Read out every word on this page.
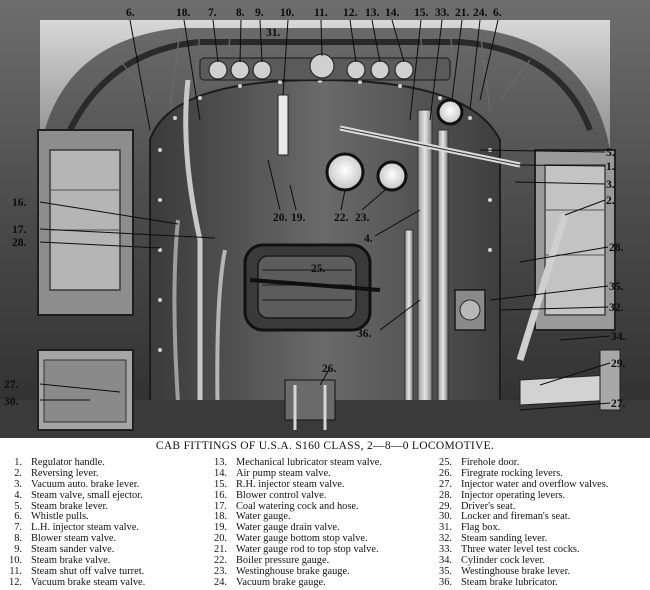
6.	18. 7. 8. 9. 10. 11. 12. 13. 14. 15. 33. 21. 24. 6.
31.
5.
1.
3.
2.
16.
17.
28.
20. 19. 22. 23.
4.
28.
25.
35.
32.
36.	34.
29.
27.
30.
26.
27.
CAB FITTINGS OF U.S.A. S160 CLASS, 2—8—0 LOCOMOTIVE.
1. Regulator handle.
2. Reversing lever.
3. Vacuum auto. brake lever.
4. Steam valve, small ejector.
5. Steam brake lever.
6. Whistle pulls.
7. L.H. injector steam valve.
8. Blower steam valve.
9. Steam sander valve.
10. Steam brake valve.
11. Steam shut off valve turret.
12. Vacuum brake steam valve.
13. Mechanical lubricator steam valve.
14. Air pump steam valve.
15. R.H. injector steam valve.
16. Blower control valve.
17. Coal watering cock and hose.
18. Water gauge.
19. Water gauge drain valve.
20. Water gauge bottom stop valve.
21. Water gauge rod to top stop valve.
22. Boiler pressure gauge.
23. Westinghouse brake gauge.
24. Vacuum brake gauge.
25. Firehole door.
26. Firegrate rocking levers.
27. Injector water and overflow valves.
28. Injector operating levers.
29. Driver's seat.
30. Locker and fireman's seat.
31. Flag box.
32. Steam sanding lever.
33. Three water level test cocks.
34. Cylinder cock lever.
35. Westinghouse brake lever.
36. Steam brake lubricator.
